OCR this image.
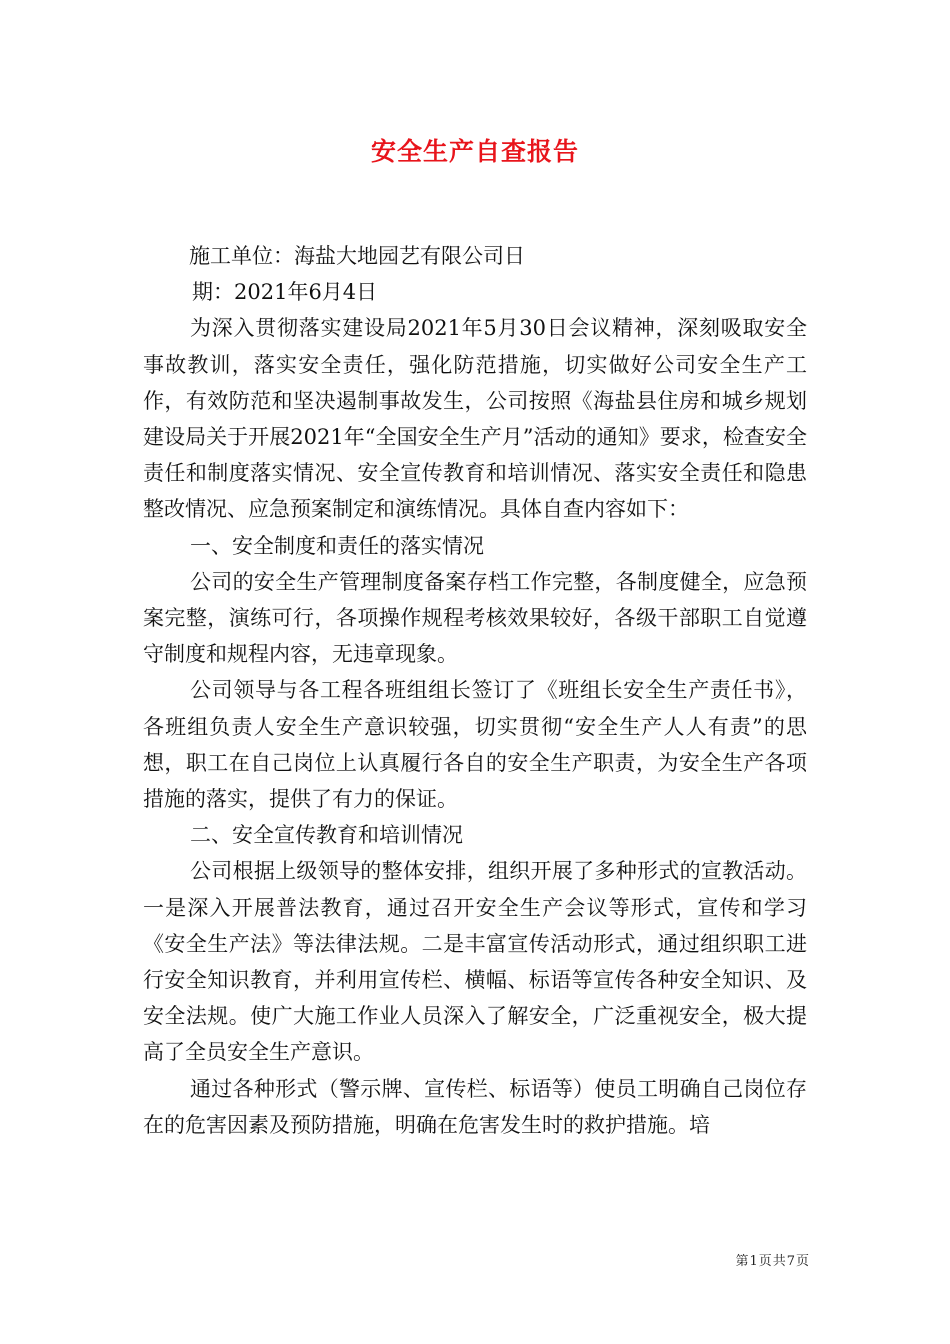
安全生产自查报告

施工单位：海盐大地园艺有限公司日

期：2021年6月4日

为深入贯彻落实建设局2021年5月30日会议精神，深刻吸取安全事故教训，落实安全责任，强化防范措施，切实做好公司安全生产工作，有效防范和坚决遏制事故发生，公司按照《海盐县住房和城乡规划建设局关于开展2021年“全国安全生产月”活动的通知》要求，检查安全责任和制度落实情况、安全宣传教育和培训情况、落实安全责任和隐患整改情况、应急预案制定和演练情况。具体自查内容如下：

一、安全制度和责任的落实情况

公司的安全生产管理制度备案存档工作完整，各制度健全，应急预案完整，演练可行，各项操作规程考核效果较好，各级干部职工自觉遵守制度和规程内容，无违章现象。

公司领导与各工程各班组组长签订了《班组长安全生产责任书》，各班组负责人安全生产意识较强，切实贯彻“安全生产人人有责”的思想，职工在自己岗位上认真履行各自的安全生产职责，为安全生产各项措施的落实，提供了有力的保证。

二、安全宣传教育和培训情况

公司根据上级领导的整体安排，组织开展了多种形式的宣教活动。一是深入开展普法教育，通过召开安全生产会议等形式，宣传和学习《安全生产法》等法律法规。二是丰富宣传活动形式，通过组织职工进行安全知识教育，并利用宣传栏、横幅、标语等宣传各种安全知识、及安全法规。使广大施工作业人员深入了解安全，广泛重视安全，极大提高了全员安全生产意识。

通过各种形式（警示牌、宣传栏、标语等）使员工明确自己岗位存在的危害因素及预防措施，明确在危害发生时的救护措施。培

第1页共7页
